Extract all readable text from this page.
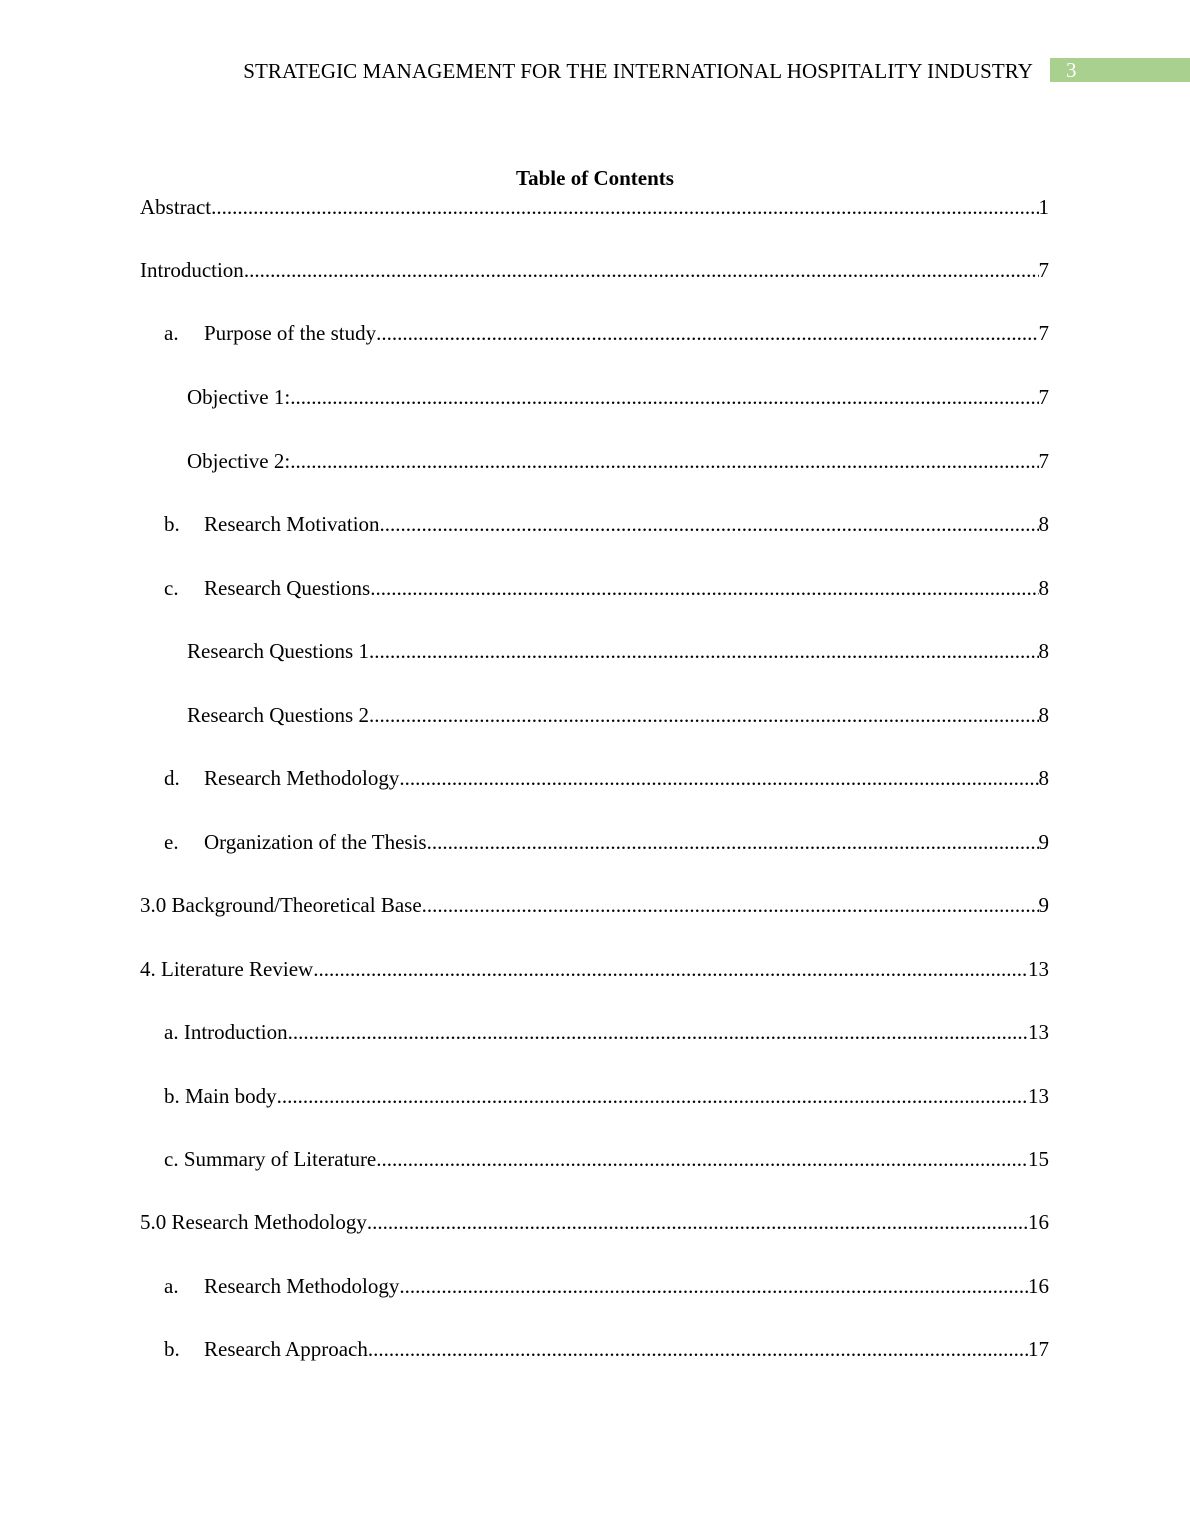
STRATEGIC MANAGEMENT FOR THE INTERNATIONAL HOSPITALITY INDUSTRY 3
Table of Contents
Abstract .....	1
Introduction .....	7
a.	Purpose of the study .....	7
Objective 1: .....	7
Objective 2: .....	7
b.	Research Motivation .....	8
c.	Research Questions .....	8
Research Questions 1 .....	8
Research Questions 2 .....	8
d.	Research Methodology .....	8
e.	Organization of the Thesis .....	9
3.0 Background/Theoretical Base .....	9
4. Literature Review .....	13
a. Introduction .....	13
b. Main body .....	13
c. Summary of Literature .....	15
5.0 Research Methodology .....	16
a.	Research Methodology .....	16
b.	Research Approach .....	17
